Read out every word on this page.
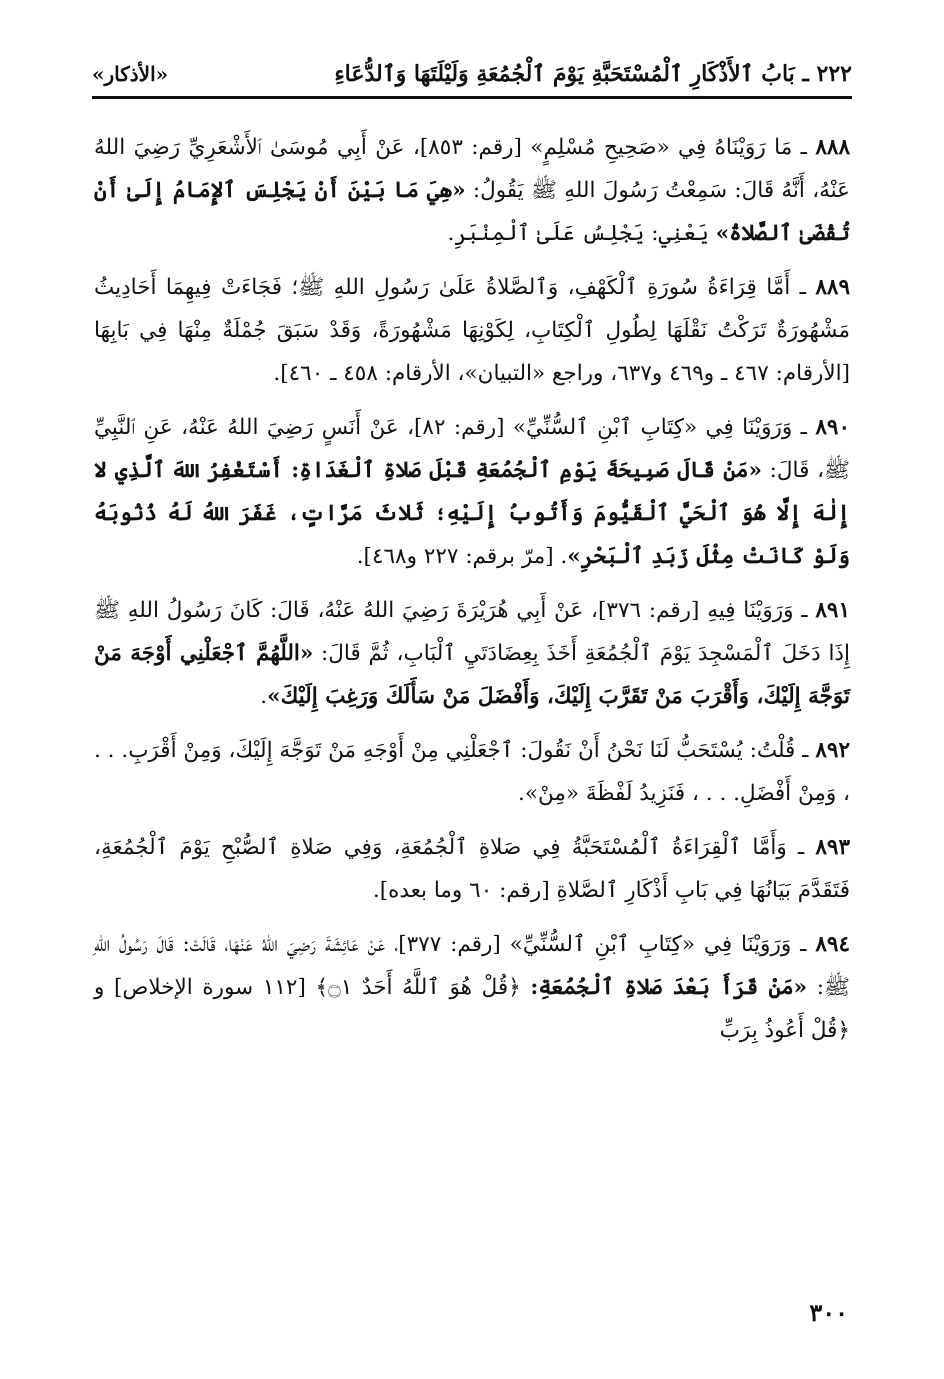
٢٢٢ ـ بَابُ ٱلأَذْكَارِ ٱلْمُسْتَحَبَّةِ يَوْمَ ٱلْجُمُعَةِ وَلَيْلَتَهَا وَٱلدُّعَاءِ
«الأذكار»

٨٨٨ ـ مَا رَوَيْنَاهُ فِي «صَحِيحِ مُسْلِمٍ» [رقم: ٨٥٣]، عَنْ أَبِي مُوسَىٰ ٱلأَشْعَرِيِّ رَضِيَ اللهُ عَنْهُ، أَنَّهُ قَالَ: سَمِعْتُ رَسُولَ اللهِ ﷺ يَقُولُ: «هِيَ مَا بَيْنَ أَنْ يَجْلِسَ ٱلإِمَامُ إِلَىٰ أَنْ تُقْضَىٰ ٱلصَّلاةُ» يَعْنِي: يَجْلِسُ عَلَىٰ ٱلْمِنْبَرِ.

٨٨٩ ـ أَمَّا قِرَاءَةُ سُورَةِ ٱلْكَهْفِ، وَٱلصَّلاةُ عَلَىٰ رَسُولِ اللهِ ﷺ؛ فَجَاءَتْ فِيهِمَا أَحَادِيثُ مَشْهُورَةٌ تَرَكْتُ نَقْلَهَا لِطُولِ ٱلْكِتَابِ، لِكَوْنِهَا مَشْهُورَةً، وَقَدْ سَبَقَ جُمْلَةٌ مِنْهَا فِي بَابِهَا [الأرقام: ٤٦٧ ـ و٤٦٩ و٦٣٧، وراجع «التبيان»، الأرقام: ٤٥٨ ـ ٤٦٠].

٨٩٠ ـ وَرَوَيْنَا فِي «كِتَابِ ٱبْنِ ٱلسُّنِّيِّ» [رقم: ٨٢]، عَنْ أَنَسٍ رَضِيَ اللهُ عَنْهُ، عَنِ ٱلنَّبِيِّ ﷺ، قَالَ: «مَنْ قَالَ صَبِيحَةَ يَوْمِ ٱلْجُمُعَةِ قَبْلَ صَلاةِ ٱلْغَدَاةِ: أَسْتَغْفِرُ اللهَ ٱلَّذِي لا إِلٰهَ إِلَّا هُوَ ٱلْحَيَّ ٱلْقَيُّومَ وَأَتُوبُ إِلَيْهِ؛ ثَلاثَ مَرَّاتٍ، غَفَرَ اللهُ لَهُ ذُنُوبَهُ وَلَوْ كَانَتْ مِثْلَ زَبَدِ ٱلْبَحْرِ». [مرّ برقم: ٢٢٧ و٤٦٨].

٨٩١ ـ وَرَوَيْنَا فِيهِ [رقم: ٣٧٦]، عَنْ أَبِي هُرَيْرَةَ رَضِيَ اللهُ عَنْهُ، قَالَ: كَانَ رَسُولُ اللهِ ﷺ إِذَا دَخَلَ ٱلْمَسْجِدَ يَوْمَ ٱلْجُمُعَةِ أَخَذَ بِعِضَادَتَيِ ٱلْبَابِ، ثُمَّ قَالَ: «اللَّهُمَّ ٱجْعَلْنِي أَوْجَهَ مَنْ تَوَجَّهَ إِلَيْكَ، وَأَقْرَبَ مَنْ تَقَرَّبَ إِلَيْكَ، وَأَفْضَلَ مَنْ سَأَلَكَ وَرَغِبَ إِلَيْكَ».

٨٩٢ ـ قُلْتُ: يُسْتَحَبُّ لَنَا نَحْنُ أَنْ نَقُولَ: ٱجْعَلْنِي مِنْ أَوْجَهِ مَنْ تَوَجَّهَ إِلَيْكَ، وَمِنْ أَقْرَبِ. . . ، وَمِنْ أَفْضَلِ. . . ، فَنَزِيدُ لَفْظَةَ «مِنْ».

٨٩٣ ـ وَأَمَّا ٱلْقِرَاءَةُ ٱلْمُسْتَحَبَّةُ فِي صَلاةِ ٱلْجُمُعَةِ، وَفِي صَلاةِ ٱلصُّبْحِ يَوْمَ ٱلْجُمُعَةِ، فَتَقَدَّمَ بَيَانُهَا فِي بَابِ أَذْكَارِ ٱلصَّلاةِ [رقم: ٦٠ وما بعده].

٨٩٤ ـ وَرَوَيْنَا فِي «كِتَابِ ٱبْنِ ٱلسُّنِّيِّ» [رقم: ٣٧٧]، عَنْ عَائِشَةَ رَضِيَ اللهُ عَنْهَا، قَالَتْ: قَالَ رَسُولُ اللهِ ﷺ: «مَنْ قَرَأَ بَعْدَ صَلاةِ ٱلْجُمُعَةِ: ﴿قُلْ هُوَ ٱللَّهُ أَحَدٌ ۝١﴾ [١١٢ سورة الإخلاص] و ﴿قُلْ أَعُوذُ بِرَبِّ

٣٠٠
